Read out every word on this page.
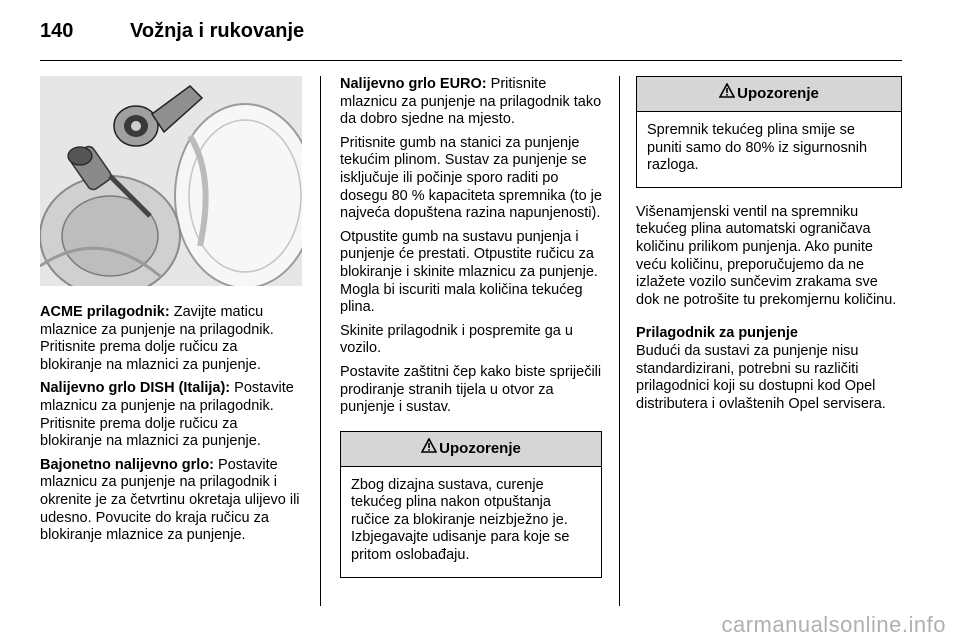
140	Vožnja i rukovanje

ACME prilagodnik: Zavijte maticu mlaznice za punjenje na prilagodnik. Pritisnite prema dolje ručicu za blokiranje na mlaznici za punjenje.

Nalijevno grlo DISH (Italija): Postavite mlaznicu za punjenje na prilagodnik. Pritisnite prema dolje ručicu za blokiranje na mlaznici za punjenje.

Bajonetno nalijevno grlo: Postavite mlaznicu za punjenje na prilagodnik i okrenite je za četvrtinu okretaja ulijevo ili udesno. Povucite do kraja ručicu za blokiranje mlaznice za punjenje.

Nalijevno grlo EURO: Pritisnite mlaznicu za punjenje na prilagodnik tako da dobro sjedne na mjesto.

Pritisnite gumb na stanici za punjenje tekućim plinom. Sustav za punjenje se isključuje ili počinje sporo raditi po dosegu 80 % kapaciteta spremnika (to je najveća dopuštena razina napunjenosti).

Otpustite gumb na sustavu punjenja i punjenje će prestati. Otpustite ručicu za blokiranje i skinite mlaznicu za punjenje. Mogla bi iscuriti mala količina tekućeg plina.

Skinite prilagodnik i pospremite ga u vozilo.

Postavite zaštitni čep kako biste spriječili prodiranje stranih tijela u otvor za punjenje i sustav.

Upozorenje
Zbog dizajna sustava, curenje tekućeg plina nakon otpuštanja ručice za blokiranje neizbježno je. Izbjegavajte udisanje para koje se pritom oslobađaju.
Upozorenje
Spremnik tekućeg plina smije se puniti samo do 80% iz sigurnosnih razloga.

Višenamjenski ventil na spremniku tekućeg plina automatski ograničava količinu prilikom punjenja. Ako punite veću količinu, preporučujemo da ne izlažete vozilo sunčevim zrakama sve dok ne potrošite tu prekomjernu količinu.

Prilagodnik za punjenje

Budući da sustavi za punjenje nisu standardizirani, potrebni su različiti prilagodnici koji su dostupni kod Opel distributera i ovlaštenih Opel servisera.

carmanualsonline.info
